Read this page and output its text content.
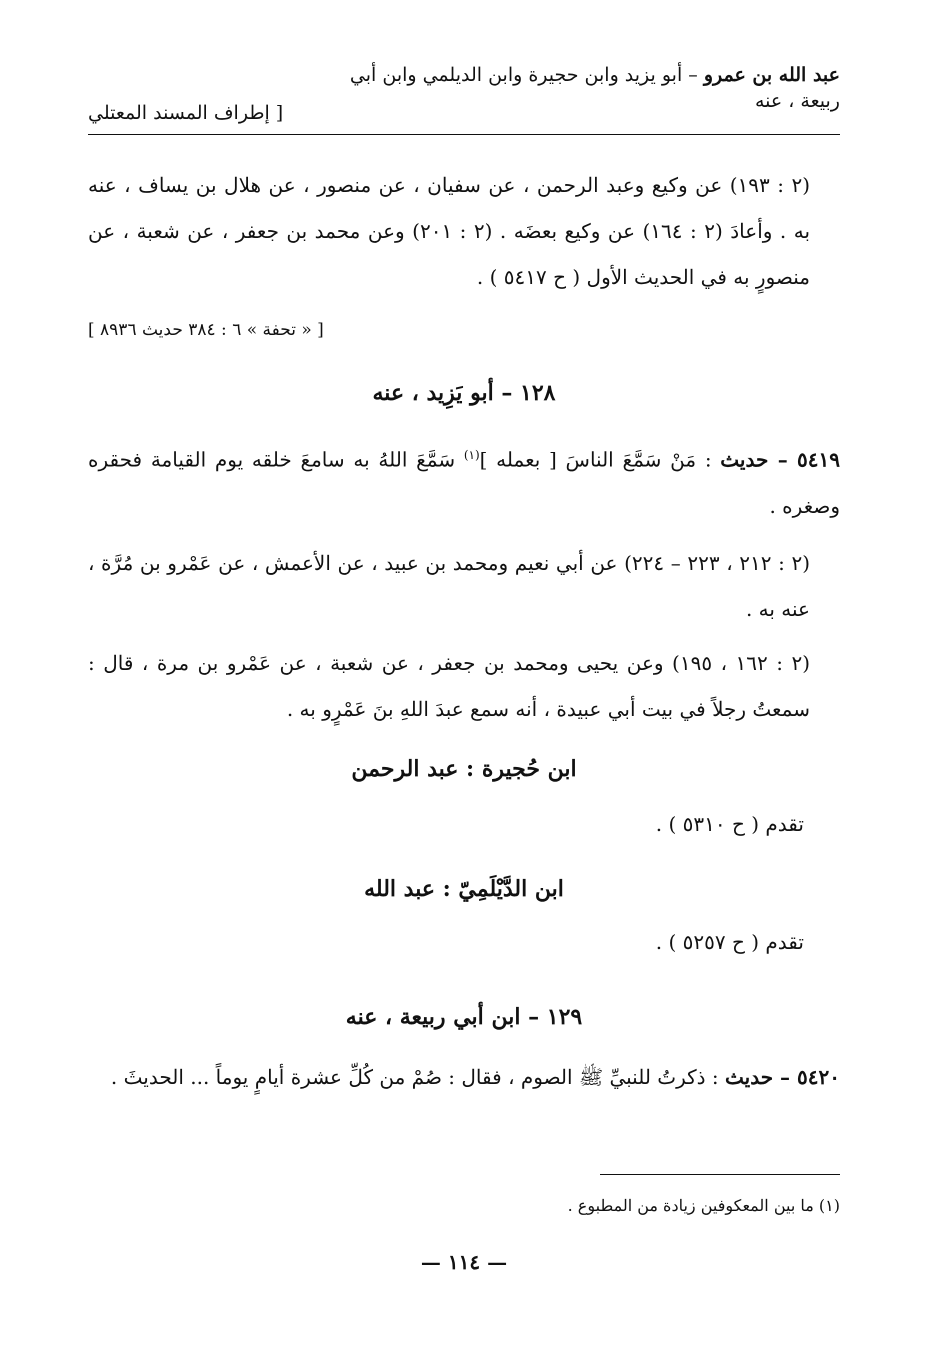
عبد الله بن عمرو – أبو يزيد وابن حجيرة وابن الديلمي وابن أبي ربيعة ، عنه
[ إطراف المسند المعتلي
(٢ : ١٩٣) عن وكيع وعبد الرحمن ، عن سفيان ، عن منصور ، عن هلال بن يساف ، عنه به . وأعادَ (٢ : ١٦٤) عن وكيع بعضَه . (٢ : ٢٠١) وعن محمد بن جعفر ، عن شعبة ، عن منصورٍ به في الحديث الأول ( ح ٥٤١٧ ) .
[ « تحفة » ٦ : ٣٨٤ حديث ٨٩٣٦ ]
١٢٨ – أبو يَزِيد ، عنه
٥٤١٩ – حديث : مَنْ سَمَّعَ الناسَ [ بعمله ]$^{(١)}$ سَمَّعَ اللهُ به سامعَ خلقه يوم القيامة فحقره وصغره .
(٢ : ٢١٢ ، ٢٢٣ – ٢٢٤) عن أبي نعيم ومحمد بن عبيد ، عن الأعمش ، عن عَمْرو بن مُرَّة ، عنه به .
(٢ : ١٦٢ ، ١٩٥) وعن يحيى ومحمد بن جعفر ، عن شعبة ، عن عَمْرو بن مرة ، قال : سمعتُ رجلاً في بيت أبي عبيدة ، أنه سمع عبدَ اللهِ بنَ عَمْرٍو به .
ابن حُجيرة : عبد الرحمن
تقدم ( ح ٥٣١٠ ) .
ابن الدَّيْلَمِيّ : عبد الله
تقدم ( ح ٥٢٥٧ ) .
١٢٩ – ابن أبي ربيعة ، عنه
٥٤٢٠ – حديث : ذكرتُ للنبيِّ ﷺ الصوم ، فقال : صُمْ من كُلِّ عشرة أيامٍ يوماً ... الحديثَ .
(١) ما بين المعكوفين زيادة من المطبوع .
— ١١٤ —
